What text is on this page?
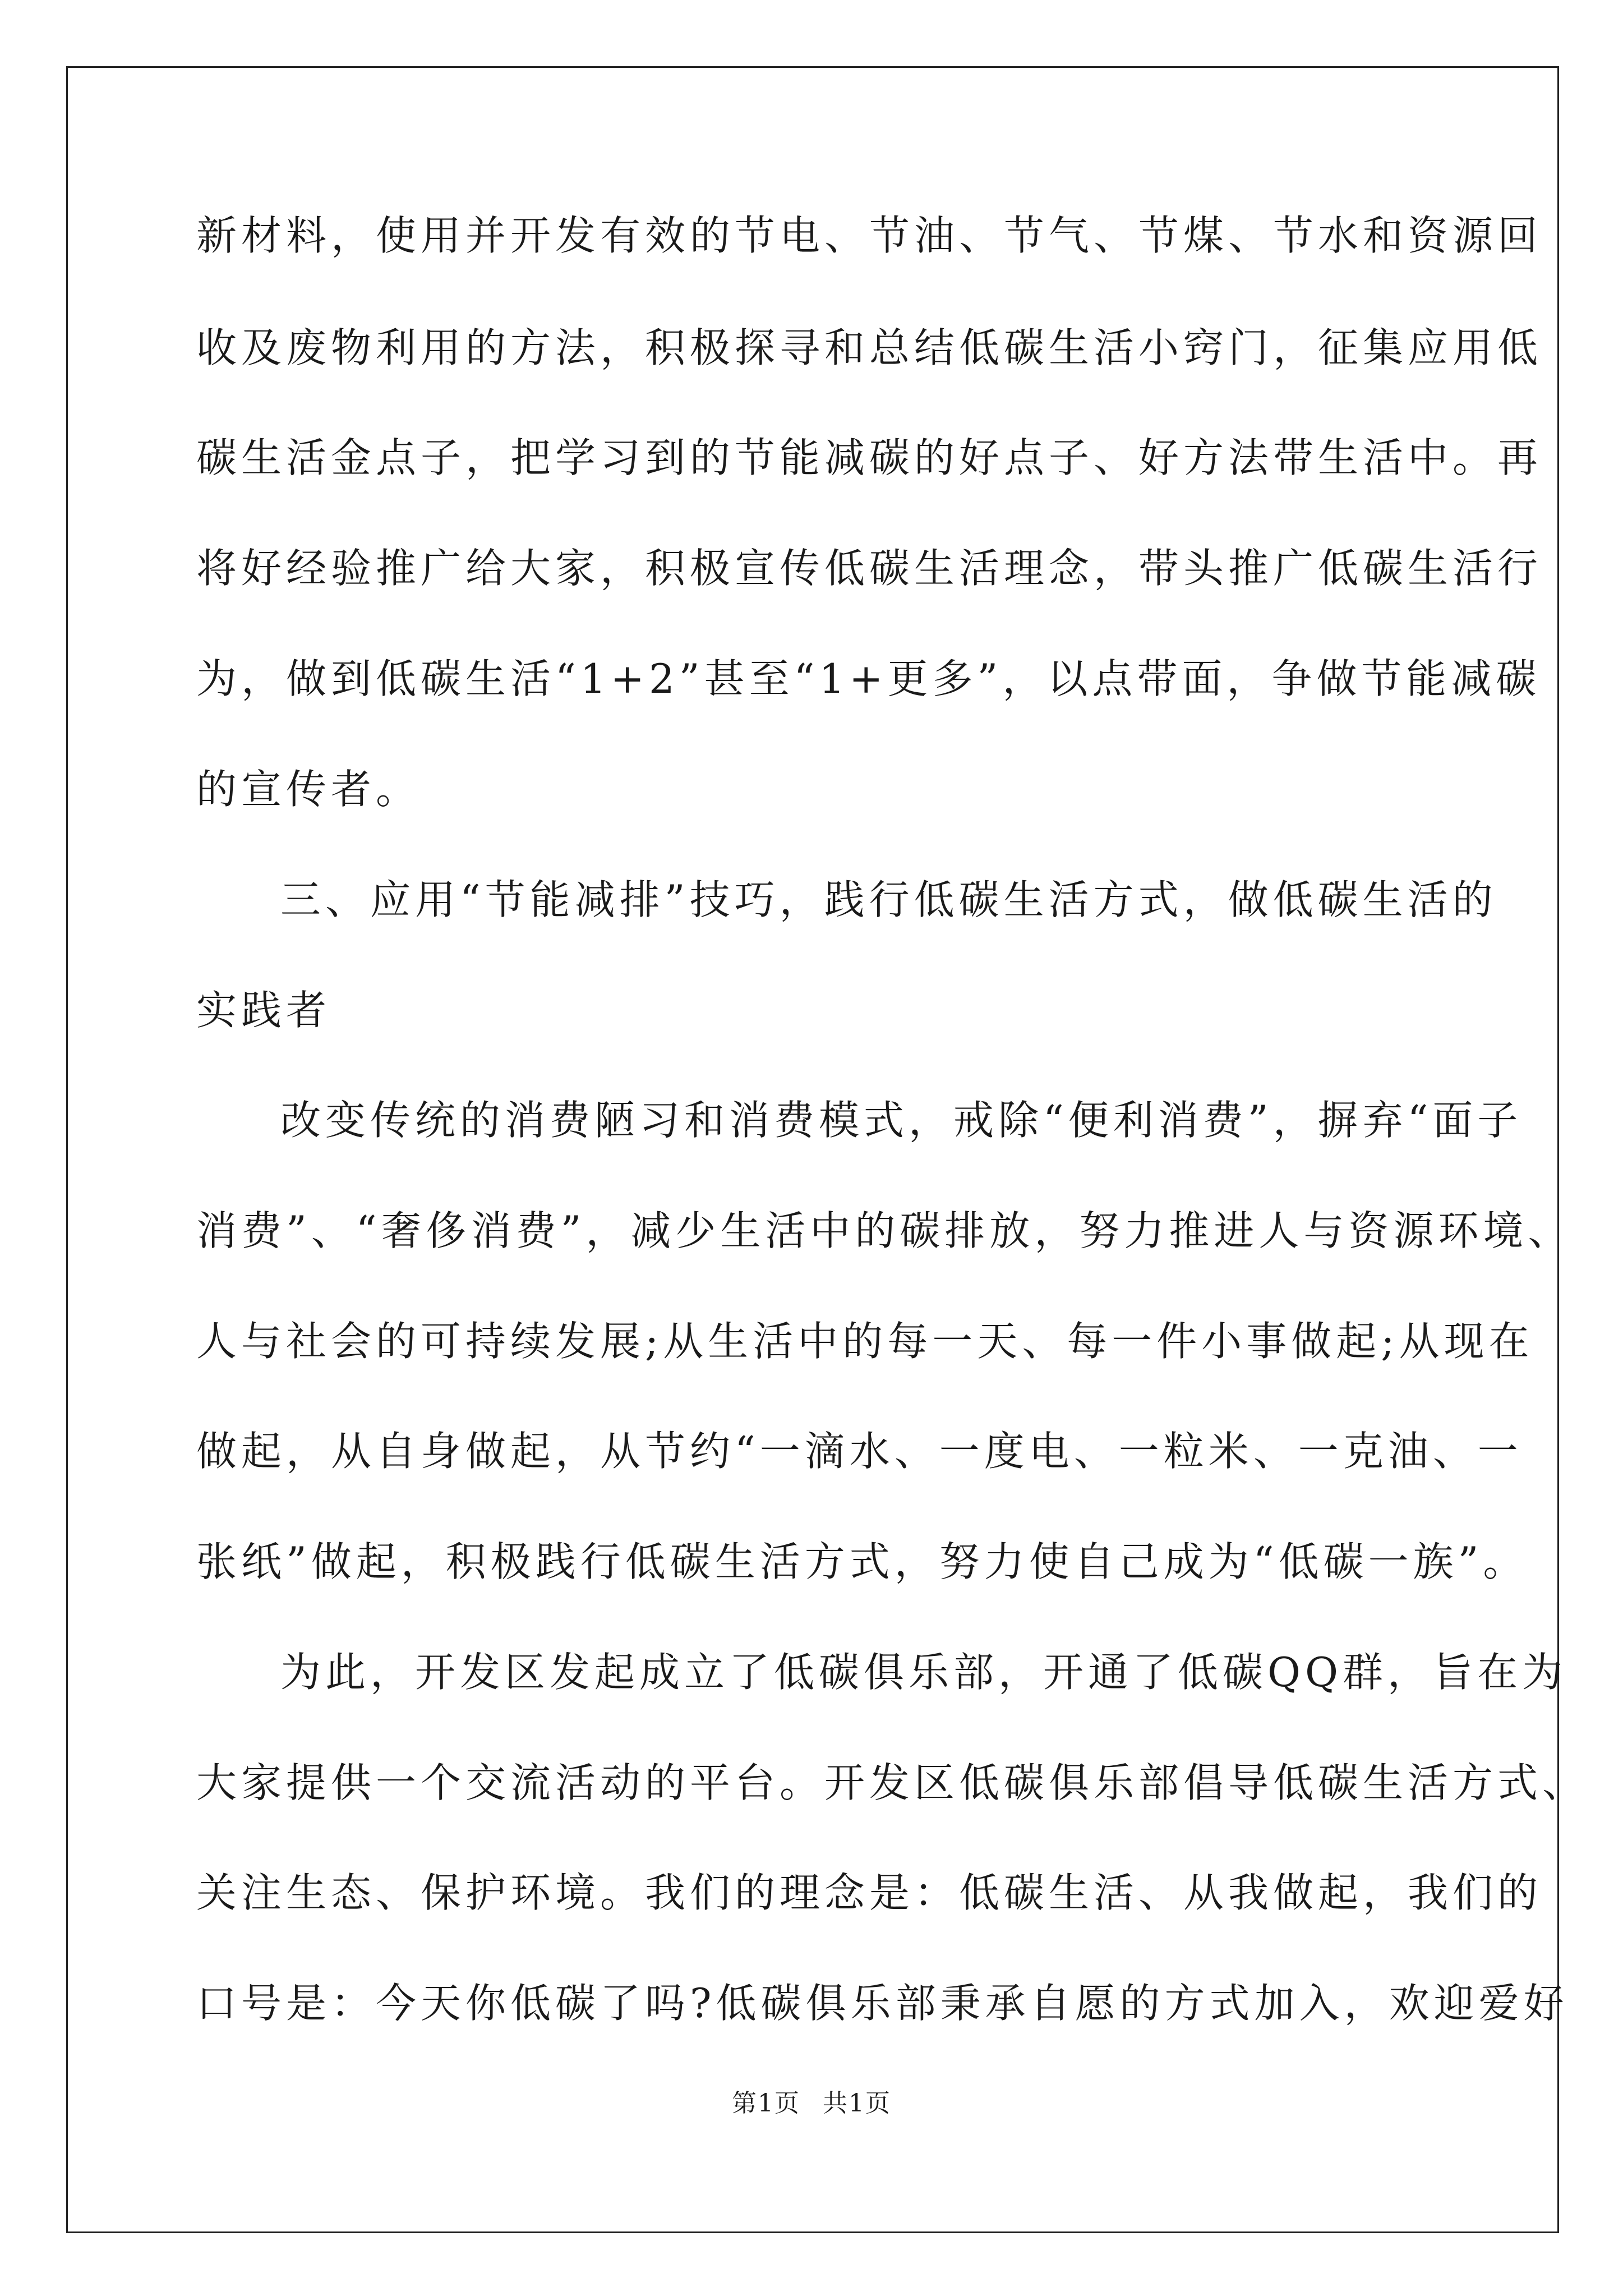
新材料，使用并开发有效的节电、节油、节气、节煤、节水和资源回
收及废物利用的方法，积极探寻和总结低碳生活小窍门，征集应用低
碳生活金点子，把学习到的节能减碳的好点子、好方法带生活中。再
将好经验推广给大家，积极宣传低碳生活理念，带头推广低碳生活行
为，做到低碳生活“1+2”甚至“1+更多”，以点带面，争做节能减碳
的宣传者。
三、应用“节能减排”技巧，践行低碳生活方式，做低碳生活的
实践者
改变传统的消费陋习和消费模式，戒除“便利消费”，摒弃“面子
消费”、“奢侈消费”，减少生活中的碳排放，努力推进人与资源环境、
人与社会的可持续发展;从生活中的每一天、每一件小事做起;从现在
做起，从自身做起，从节约“一滴水、一度电、一粒米、一克油、一
张纸”做起，积极践行低碳生活方式，努力使自己成为“低碳一族”。
为此，开发区发起成立了低碳俱乐部，开通了低碳QQ群，旨在为
大家提供一个交流活动的平台。开发区低碳俱乐部倡导低碳生活方式、
关注生态、保护环境。我们的理念是：低碳生活、从我做起，我们的
口号是：今天你低碳了吗?低碳俱乐部秉承自愿的方式加入，欢迎爱好
第1页 共1页
